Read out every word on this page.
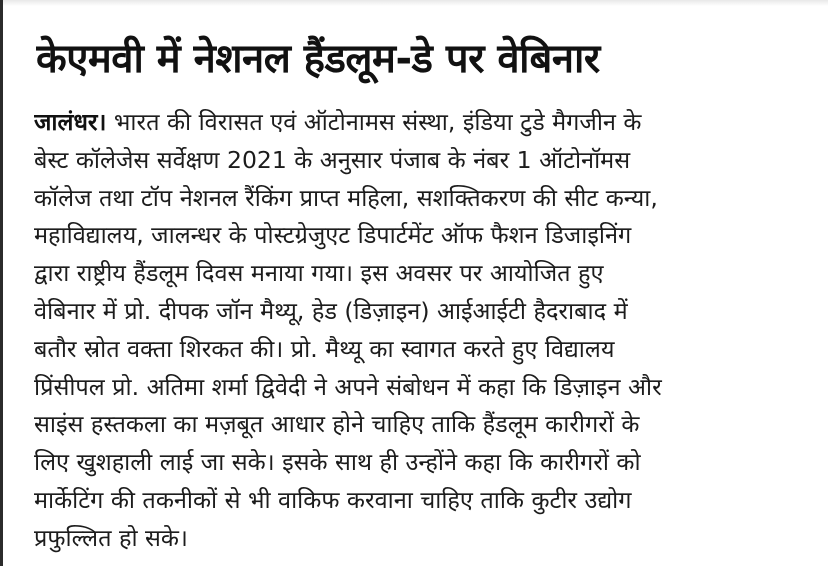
केएमवी में नेशनल हैंडलूम-डे पर वेबिनार
जालंधर। भारत की विरासत एवं ऑटोनामस संस्था, इंडिया टुडे मैगजीन के
बेस्ट कॉलेजेस सर्वेक्षण 2021 के अनुसार पंजाब के नंबर 1 ऑटोनॉमस
कॉलेज तथा टॉप नेशनल रैंकिंग प्राप्त महिला, सशक्तिकरण की सीट कन्या,
महाविद्यालय, जालन्धर के पोस्टग्रेजुएट डिपार्टमेंट ऑफ फैशन डिजाइनिंग
द्वारा राष्ट्रीय हैंडलूम दिवस मनाया गया। इस अवसर पर आयोजित हुए
वेबिनार में प्रो. दीपक जॉन मैथ्यू, हेड (डिज़ाइन) आईआईटी हैदराबाद में
बतौर स्रोत वक्ता शिरकत की। प्रो. मैथ्यू का स्वागत करते हुए विद्यालय
प्रिंसीपल प्रो. अतिमा शर्मा द्विवेदी ने अपने संबोधन में कहा कि डिज़ाइन और
साइंस हस्तकला का मज़बूत आधार होने चाहिए ताकि हैंडलूम कारीगरों के
लिए खुशहाली लाई जा सके। इसके साथ ही उन्होंने कहा कि कारीगरों को
मार्केटिंग की तकनीकों से भी वाकिफ करवाना चाहिए ताकि कुटीर उद्योग
प्रफुल्लित हो सके।
